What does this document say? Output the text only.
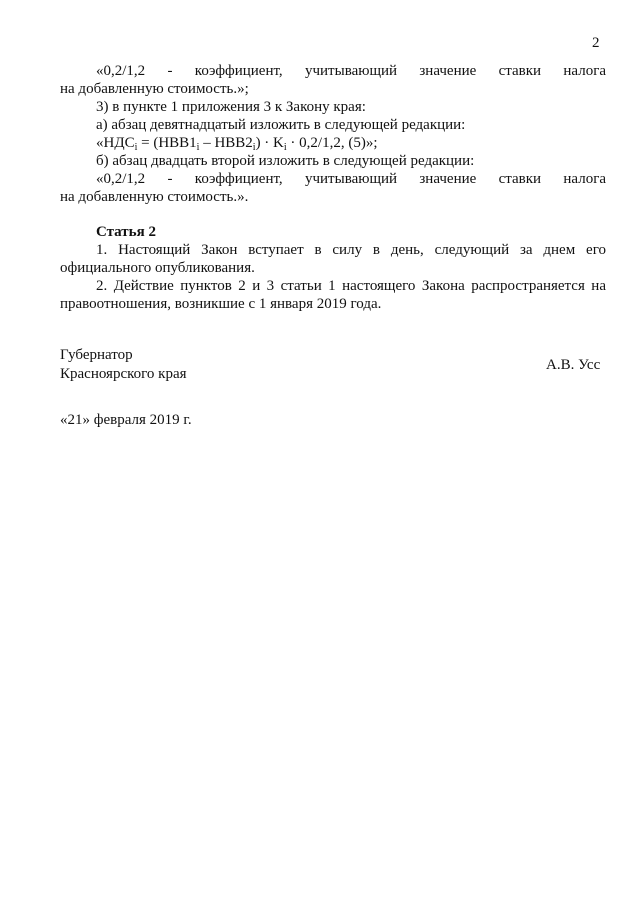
2
«0,2/1,2 - коэффициент, учитывающий значение ставки налога
на добавленную стоимость.»;
3) в пункте 1 приложения 3 к Закону края:
а) абзац девятнадцатый изложить в следующей редакции:
«$НДС_i = (НВВ1_i - НВВ2_i) \cdot K_i \cdot 0,2/1,2$, (5)»;
б) абзац двадцать второй изложить в следующей редакции:
«0,2/1,2 - коэффициент, учитывающий значение ставки налога
на добавленную стоимость.».
Статья 2
1. Настоящий Закон вступает в силу в день, следующий за днем его
официального опубликования.
2. Действие пунктов 2 и 3 статьи 1 настоящего Закона распространяется на
правоотношения, возникшие с 1 января 2019 года.
Губернатор
Красноярского края
А.В. Усс
«21» февраля 2019 г.
